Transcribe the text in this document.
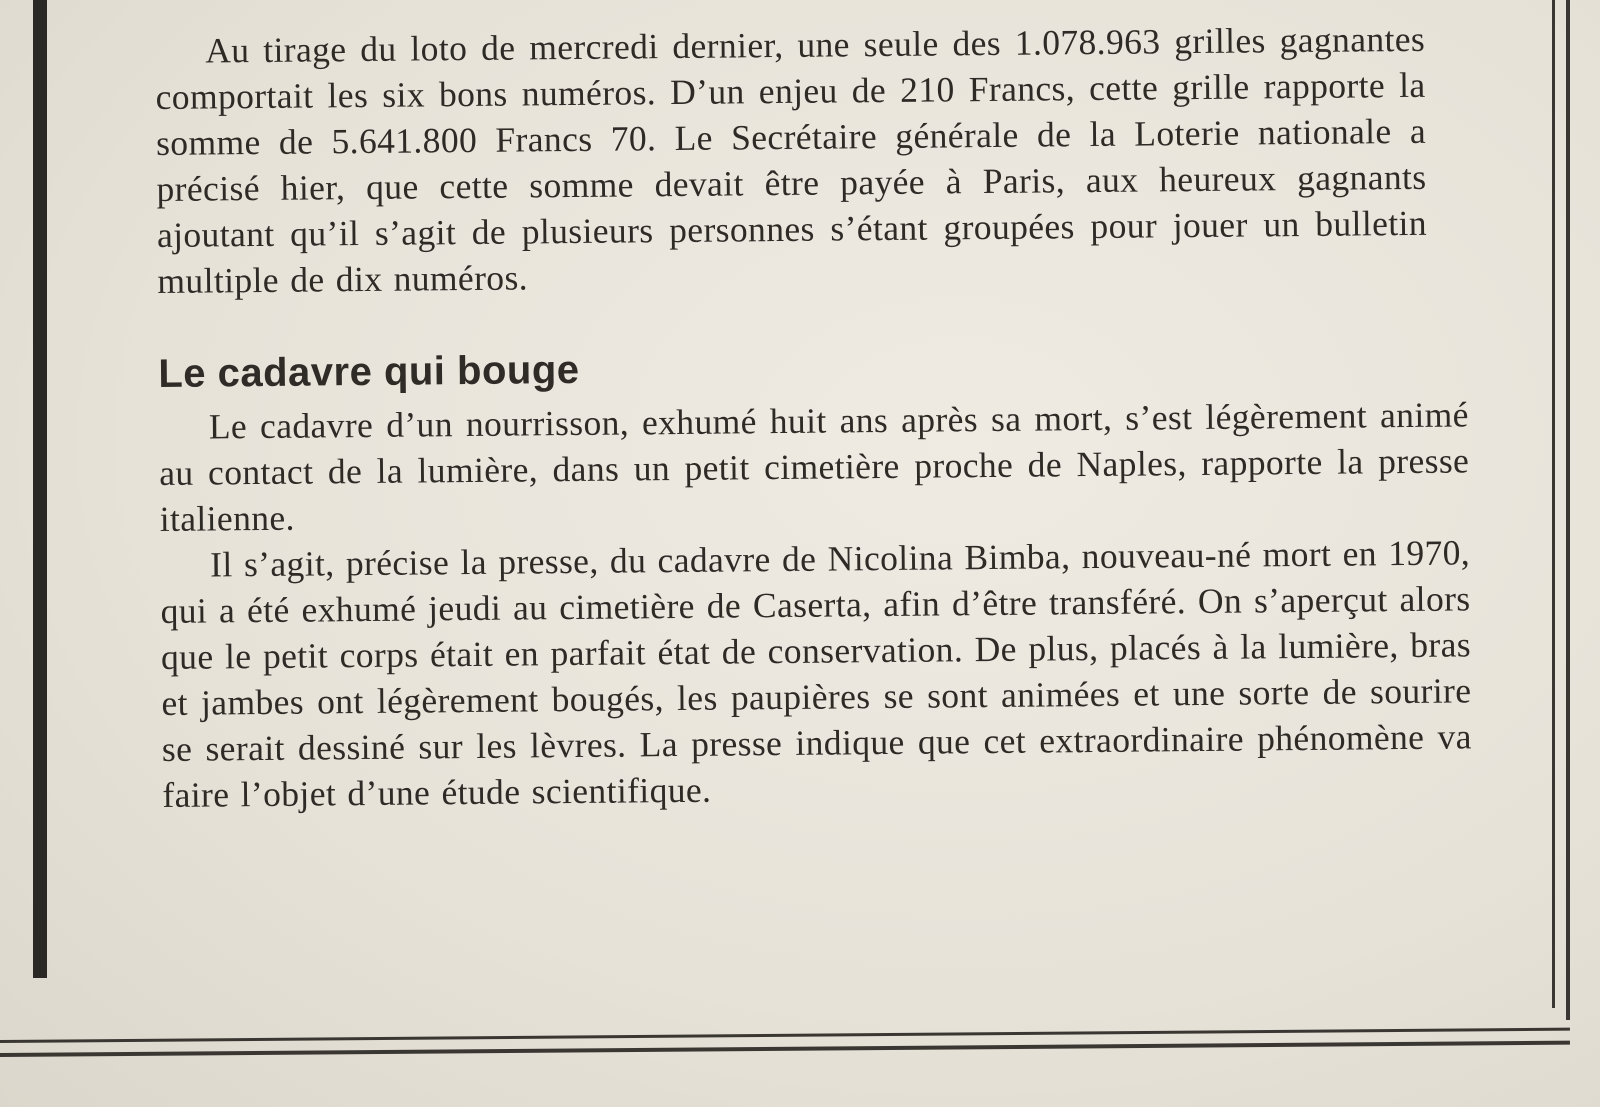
Au tirage du loto de mercredi dernier, une seule des 1.078.963 grilles gagnantes comportait les six bons numéros. D’un enjeu de 210 Francs, cette grille rapporte la somme de 5.641.800 Francs 70. Le Secrétaire générale de la Loterie nationale a précisé hier, que cette somme devait être payée à Paris, aux heureux gagnants ajoutant qu’il s’agit de plusieurs personnes s’étant groupées pour jouer un bulletin multiple de dix numéros.

Le cadavre qui bouge

Le cadavre d’un nourrisson, exhumé huit ans après sa mort, s’est légèrement animé au contact de la lumière, dans un petit cimetière proche de Naples, rapporte la presse italienne.

Il s’agit, précise la presse, du cadavre de Nicolina Bimba, nouveau-né mort en 1970, qui a été exhumé jeudi au cimetière de Caserta, afin d’être transféré. On s’aperçut alors que le petit corps était en parfait état de conservation. De plus, placés à la lumière, bras et jambes ont légèrement bougés, les paupières se sont animées et une sorte de sourire se serait dessiné sur les lèvres. La presse indique que cet extraordinaire phénomène va faire l’objet d’une étude scientifique.
